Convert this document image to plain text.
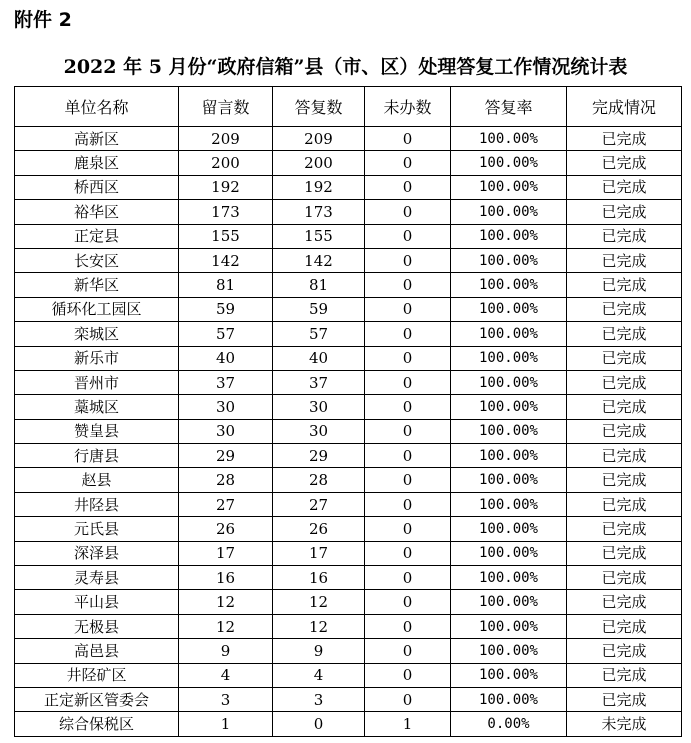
附件 2
2022 年 5 月份“政府信箱”县（市、区）处理答复工作情况统计表
单位名称	留言数	答复数	未办数	答复率	完成情况
高新区	209	209	0	100.00%	已完成
鹿泉区	200	200	0	100.00%	已完成
桥西区	192	192	0	100.00%	已完成
裕华区	173	173	0	100.00%	已完成
正定县	155	155	0	100.00%	已完成
长安区	142	142	0	100.00%	已完成
新华区	81	81	0	100.00%	已完成
循环化工园区	59	59	0	100.00%	已完成
栾城区	57	57	0	100.00%	已完成
新乐市	40	40	0	100.00%	已完成
晋州市	37	37	0	100.00%	已完成
藁城区	30	30	0	100.00%	已完成
赞皇县	30	30	0	100.00%	已完成
行唐县	29	29	0	100.00%	已完成
赵县	28	28	0	100.00%	已完成
井陉县	27	27	0	100.00%	已完成
元氏县	26	26	0	100.00%	已完成
深泽县	17	17	0	100.00%	已完成
灵寿县	16	16	0	100.00%	已完成
平山县	12	12	0	100.00%	已完成
无极县	12	12	0	100.00%	已完成
高邑县	9	9	0	100.00%	已完成
井陉矿区	4	4	0	100.00%	已完成
正定新区管委会	3	3	0	100.00%	已完成
综合保税区	1	0	1	0.00%	未完成
